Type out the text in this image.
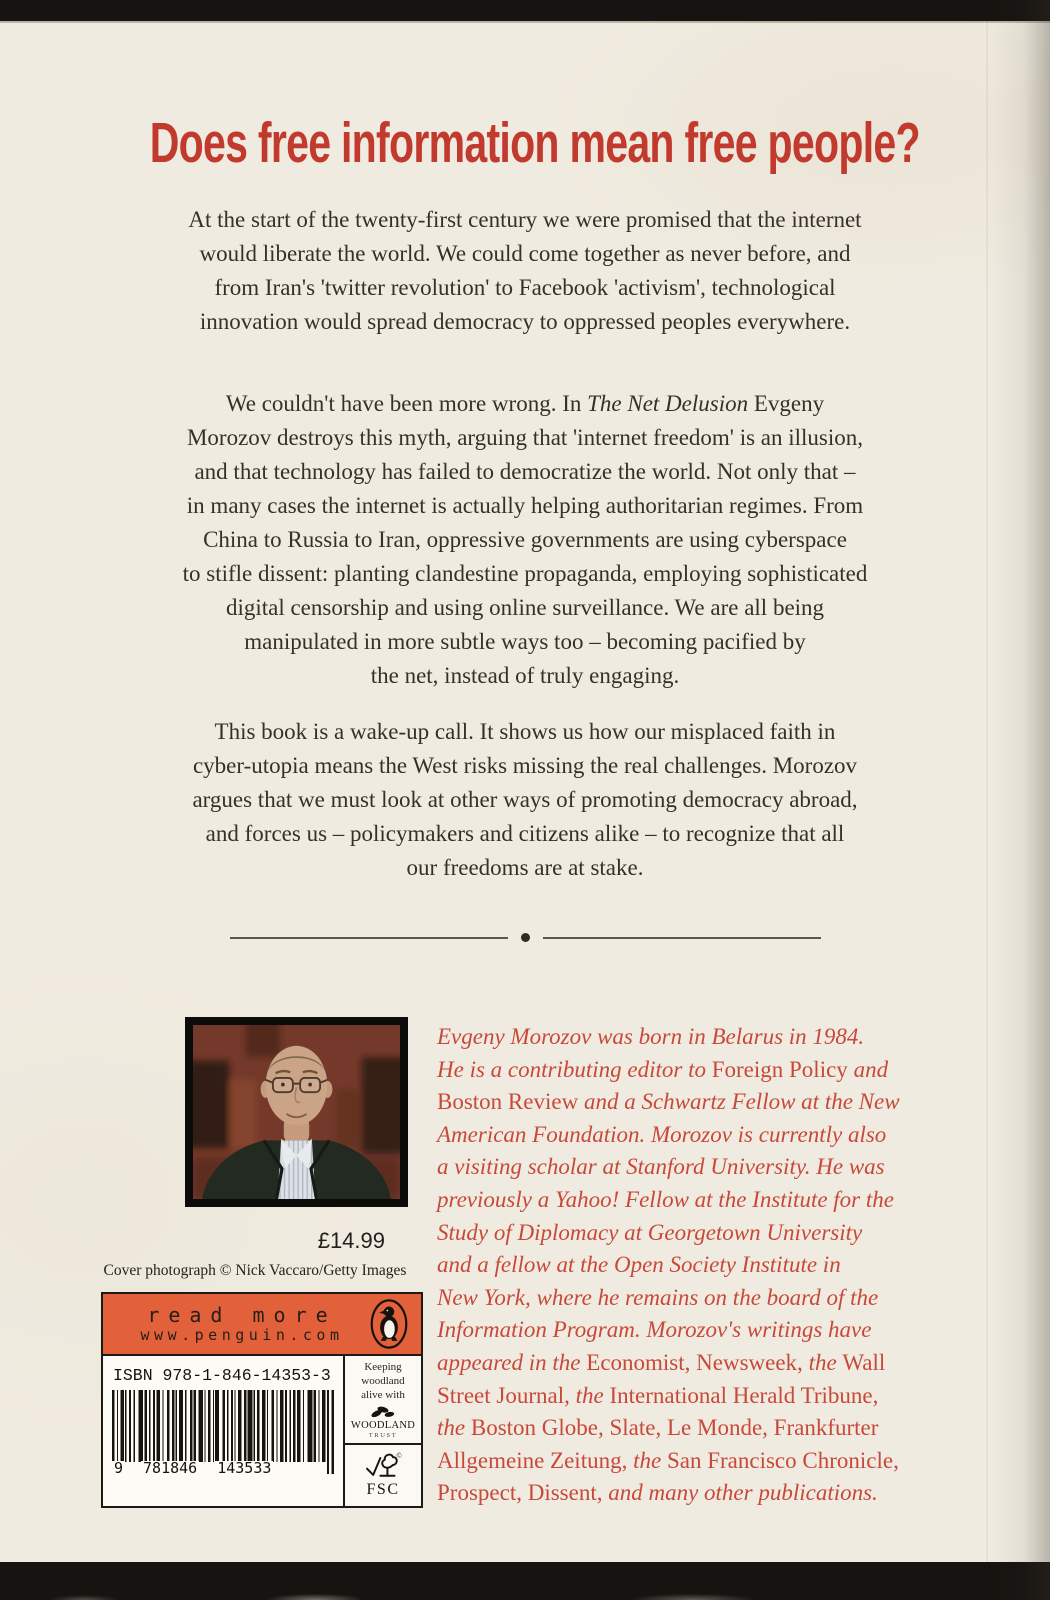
Does free information mean free people?
At the start of the twenty-first century we were promised that the internet
would liberate the world. We could come together as never before, and
from Iran's 'twitter revolution' to Facebook 'activism', technological
innovation would spread democracy to oppressed peoples everywhere.
We couldn't have been more wrong. In The Net Delusion Evgeny
Morozov destroys this myth, arguing that 'internet freedom' is an illusion,
and that technology has failed to democratize the world. Not only that –
in many cases the internet is actually helping authoritarian regimes. From
China to Russia to Iran, oppressive governments are using cyberspace
to stifle dissent: planting clandestine propaganda, employing sophisticated
digital censorship and using online surveillance. We are all being
manipulated in more subtle ways too – becoming pacified by
the net, instead of truly engaging.
This book is a wake-up call. It shows us how our misplaced faith in
cyber-utopia means the West risks missing the real challenges. Morozov
argues that we must look at other ways of promoting democracy abroad,
and forces us – policymakers and citizens alike – to recognize that all
our freedoms are at stake.
£14.99
Cover photograph © Nick Vaccaro/Getty Images
read more
www.penguin.com
ISBN 978-1-846-14353-3
9 781846 143533
Keeping woodland alive with
WOODLAND
TRUST
©
FSC
Evgeny Morozov was born in Belarus in 1984.
He is a contributing editor to Foreign Policy and
Boston Review and a Schwartz Fellow at the New
American Foundation. Morozov is currently also
a visiting scholar at Stanford University. He was
previously a Yahoo! Fellow at the Institute for the
Study of Diplomacy at Georgetown University
and a fellow at the Open Society Institute in
New York, where he remains on the board of the
Information Program. Morozov's writings have
appeared in the Economist, Newsweek, the Wall
Street Journal, the International Herald Tribune,
the Boston Globe, Slate, Le Monde, Frankfurter
Allgemeine Zeitung, the San Francisco Chronicle,
Prospect, Dissent, and many other publications.
